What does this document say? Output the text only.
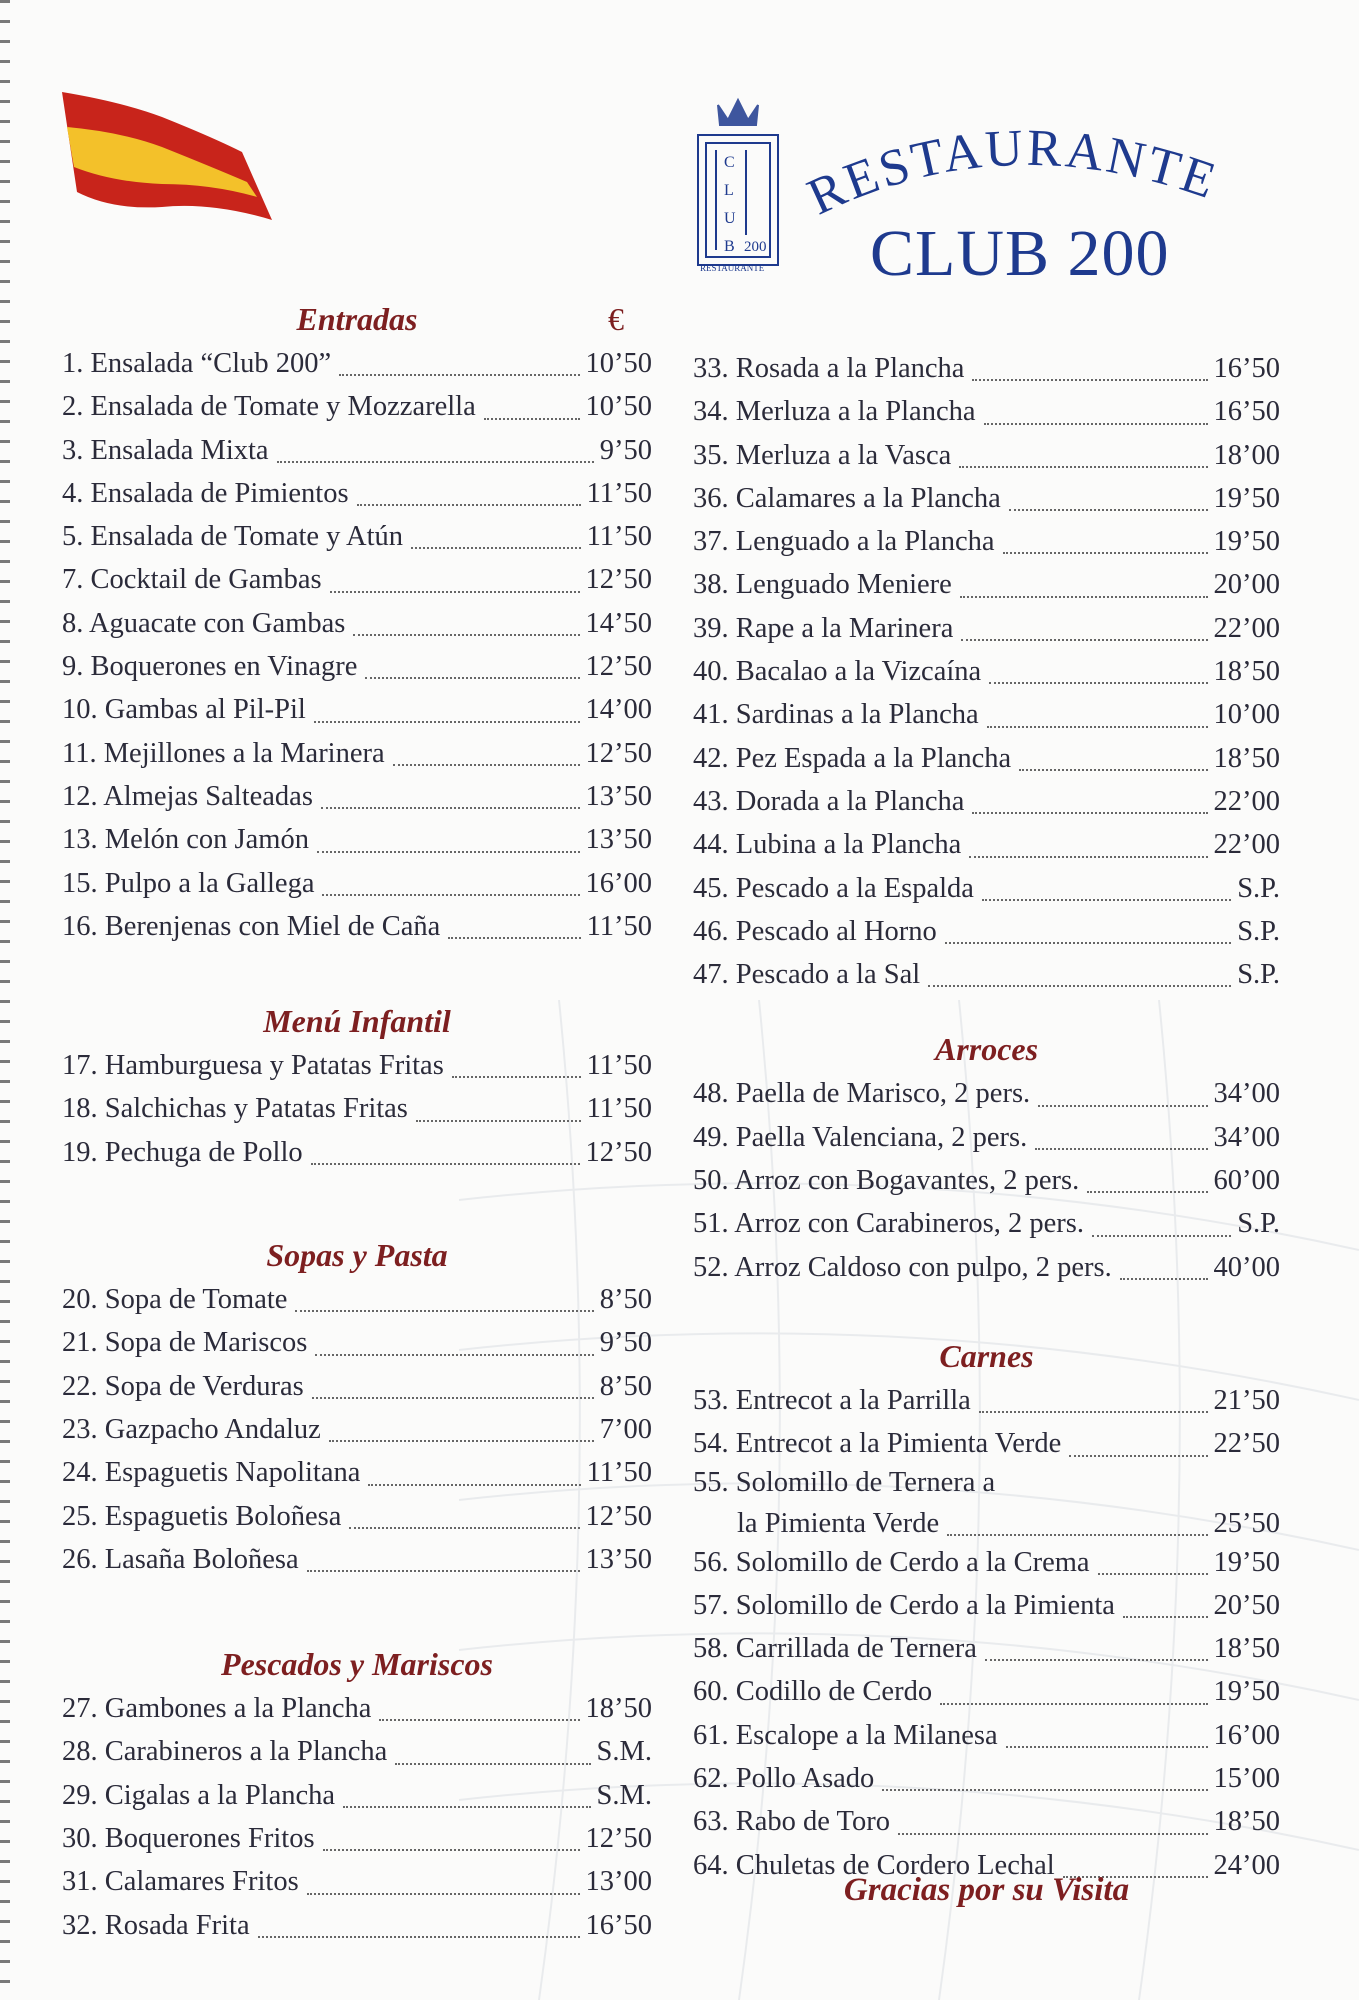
C
L
U
B 200
RESTAURANTE
RESTAURANTE
CLUB 200
Entradas	€
1. Ensalada “Club 200”	10’50
2. Ensalada de Tomate y Mozzarella	10’50
3. Ensalada Mixta	9’50
4. Ensalada de Pimientos	11’50
5. Ensalada de Tomate y Atún	11’50
7. Cocktail de Gambas	12’50
8. Aguacate con Gambas	14’50
9. Boquerones en Vinagre	12’50
10. Gambas al Pil-Pil	14’00
11. Mejillones a la Marinera	12’50
12. Almejas Salteadas	13’50
13. Melón con Jamón	13’50
15. Pulpo a la Gallega	16’00
16. Berenjenas con Miel de Caña	11’50
Menú Infantil
17. Hamburguesa y Patatas Fritas	11’50
18. Salchichas y Patatas Fritas	11’50
19. Pechuga de Pollo	12’50
Sopas y Pasta
20. Sopa de Tomate	8’50
21. Sopa de Mariscos	9’50
22. Sopa de Verduras	8’50
23. Gazpacho Andaluz	7’00
24. Espaguetis Napolitana	11’50
25. Espaguetis Boloñesa	12’50
26. Lasaña Boloñesa	13’50
Pescados y Mariscos
27. Gambones a la Plancha	18’50
28. Carabineros a la Plancha	S.M.
29. Cigalas a la Plancha	S.M.
30. Boquerones Fritos	12’50
31. Calamares Fritos	13’00
32. Rosada Frita	16’50
33. Rosada a la Plancha	16’50
34. Merluza a la Plancha	16’50
35. Merluza a la Vasca	18’00
36. Calamares a la Plancha	19’50
37. Lenguado a la Plancha	19’50
38. Lenguado Meniere	20’00
39. Rape a la Marinera	22’00
40. Bacalao a la Vizcaína	18’50
41. Sardinas a la Plancha	10’00
42. Pez Espada a la Plancha	18’50
43. Dorada a la Plancha	22’00
44. Lubina a la Plancha	22’00
45. Pescado a la Espalda	S.P.
46. Pescado al Horno	S.P.
47. Pescado a la Sal	S.P.
Arroces
48. Paella de Marisco, 2 pers.	34’00
49. Paella Valenciana, 2 pers.	34’00
50. Arroz con Bogavantes, 2 pers.	60’00
51. Arroz con Carabineros, 2 pers.	S.P.
52. Arroz Caldoso con pulpo, 2 pers.	40’00
Carnes
53. Entrecot a la Parrilla	21’50
54. Entrecot a la Pimienta Verde	22’50
55. Solomillo de Ternera a
la Pimienta Verde	25’50
56. Solomillo de Cerdo a la Crema	19’50
57. Solomillo de Cerdo a la Pimienta	20’50
58. Carrillada de Ternera	18’50
60. Codillo de Cerdo	19’50
61. Escalope a la Milanesa	16’00
62. Pollo Asado	15’00
63. Rabo de Toro	18’50
64. Chuletas de Cordero Lechal	24’00
Gracias por su Visita
